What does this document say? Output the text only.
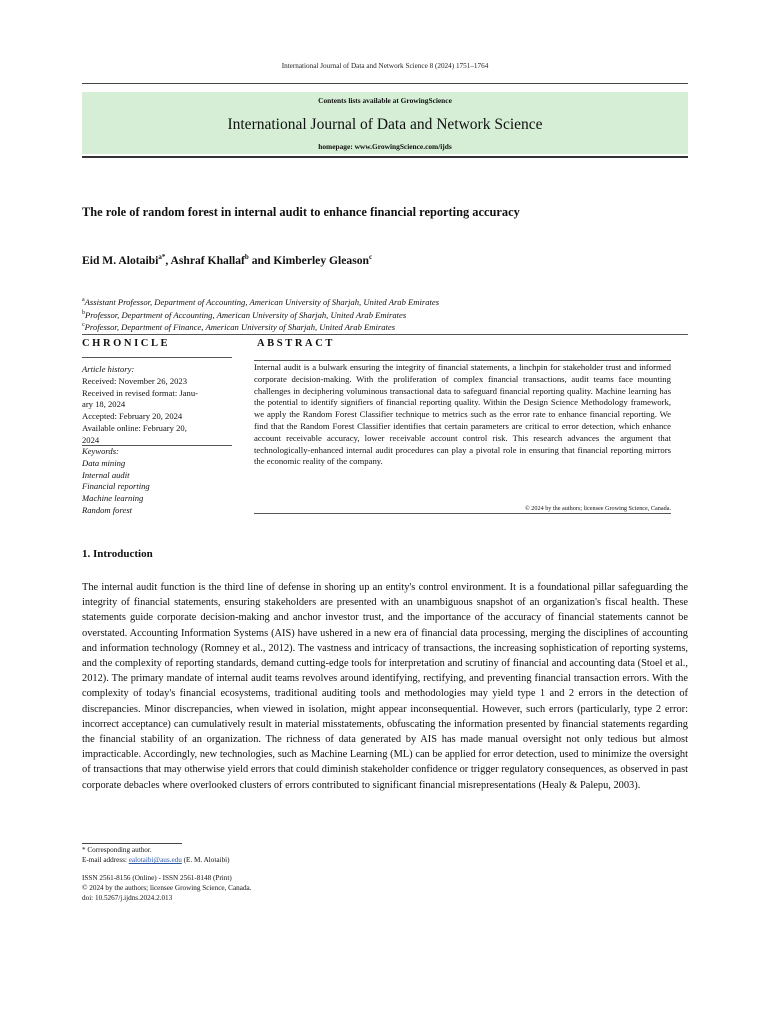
International Journal of Data and Network Science 8 (2024) 1751–1764
Contents lists available at GrowingScience
International Journal of Data and Network Science
homepage: www.GrowingScience.com/ijds
The role of random forest in internal audit to enhance financial reporting accuracy
Eid M. Alotaibi$^{a*}$, Ashraf Khallaf$^b$ and Kimberley Gleason$^c$
$^a$Assistant Professor, Department of Accounting, American University of Sharjah, United Arab Emirates
$^b$Professor, Department of Accounting, American University of Sharjah, United Arab Emirates
$^c$Professor, Department of Finance, American University of Sharjah, United Arab Emirates
CHRONICLE	ABSTRACT
Article history:
Received: November 26, 2023
Received in revised format: Janu-
ary 18, 2024
Accepted: February 20, 2024
Available online: February 20,
2024
Keywords:
Data mining
Internal audit
Financial reporting
Machine learning
Random forest
Internal audit is a bulwark ensuring the integrity of financial statements, a linchpin for stakeholder trust and informed corporate decision-making. With the proliferation of complex financial transactions, audit teams face mounting challenges in deciphering voluminous transactional data to safeguard financial reporting quality. Machine learning has the potential to identify signifiers of financial reporting quality. Within the Design Science Methodology framework, we apply the Random Forest Classifier technique to metrics such as the error rate to enhance financial reporting. We find that the Random Forest Classifier identifies that certain parameters are critical to error detection, which enhance account receivable accuracy, lower receivable account control risk. This research advances the argument that technologically-enhanced internal audit procedures can play a pivotal role in ensuring that financial reporting mirrors the economic reality of the company.
© 2024 by the authors; licensee Growing Science, Canada.
1. Introduction
The internal audit function is the third line of defense in shoring up an entity's control environment. It is a foundational pillar safeguarding the integrity of financial statements, ensuring stakeholders are presented with an unambiguous snapshot of an organization's fiscal health. These statements guide corporate decision-making and anchor investor trust, and the importance of the accuracy of financial statements cannot be overstated. Accounting Information Systems (AIS) have ushered in a new era of financial data processing, merging the disciplines of accounting and information technology (Romney et al., 2012). The vastness and intricacy of transactions, the increasing sophistication of reporting systems, and the complexity of reporting standards, demand cutting-edge tools for interpretation and scrutiny of financial and accounting data (Stoel et al., 2012). The primary mandate of internal audit teams revolves around identifying, rectifying, and preventing financial transaction errors. With the complexity of today's financial ecosystems, traditional auditing tools and methodologies may yield type 1 and 2 errors in the detection of discrepancies. Minor discrepancies, when viewed in isolation, might appear inconsequential. However, such errors (particularly, type 2 error: incorrect acceptance) can cumulatively result in material misstatements, obfuscating the information presented by financial statements regarding the financial stability of an organization. The richness of data generated by AIS has made manual oversight not only tedious but almost impracticable. Accordingly, new technologies, such as Machine Learning (ML) can be applied for error detection, used to minimize the oversight of transactions that may otherwise yield errors that could diminish stakeholder confidence or trigger regulatory consequences, as observed in past corporate debacles where overlooked clusters of errors contributed to significant financial misrepresentations (Healy & Palepu, 2003).
* Corresponding author.
E-mail address: ealotaibi@aus.edu (E. M. Alotaibi)
ISSN 2561-8156 (Online) - ISSN 2561-8148 (Print)
© 2024 by the authors; licensee Growing Science, Canada.
doi: 10.5267/j.ijdns.2024.2.013
